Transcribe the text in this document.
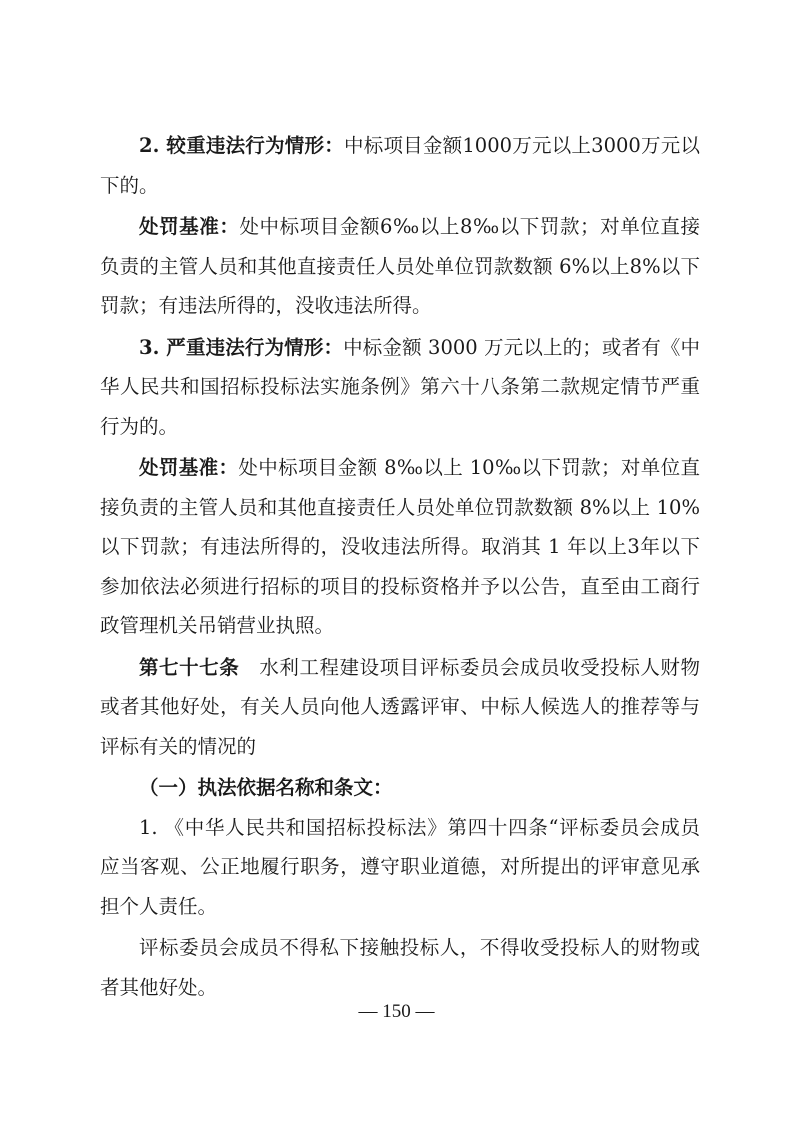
2. 较重违法行为情形：中标项目金额1000万元以上3000万元以下的。

处罚基准：处中标项目金额6‰以上8‰以下罚款；对单位直接负责的主管人员和其他直接责任人员处单位罚款数额 6%以上8%以下罚款；有违法所得的，没收违法所得。

3. 严重违法行为情形：中标金额 3000 万元以上的；或者有《中华人民共和国招标投标法实施条例》第六十八条第二款规定情节严重行为的。

处罚基准：处中标项目金额 8‰以上 10‰以下罚款；对单位直接负责的主管人员和其他直接责任人员处单位罚款数额 8%以上 10%以下罚款；有违法所得的，没收违法所得。取消其 1 年以上3年以下参加依法必须进行招标的项目的投标资格并予以公告，直至由工商行政管理机关吊销营业执照。

第七十七条　水利工程建设项目评标委员会成员收受投标人财物或者其他好处，有关人员向他人透露评审、中标人候选人的推荐等与评标有关的情况的

（一）执法依据名称和条文：

1. 《中华人民共和国招标投标法》第四十四条“评标委员会成员应当客观、公正地履行职务，遵守职业道德，对所提出的评审意见承担个人责任。

评标委员会成员不得私下接触投标人，不得收受投标人的财物或者其他好处。

— 150 —
